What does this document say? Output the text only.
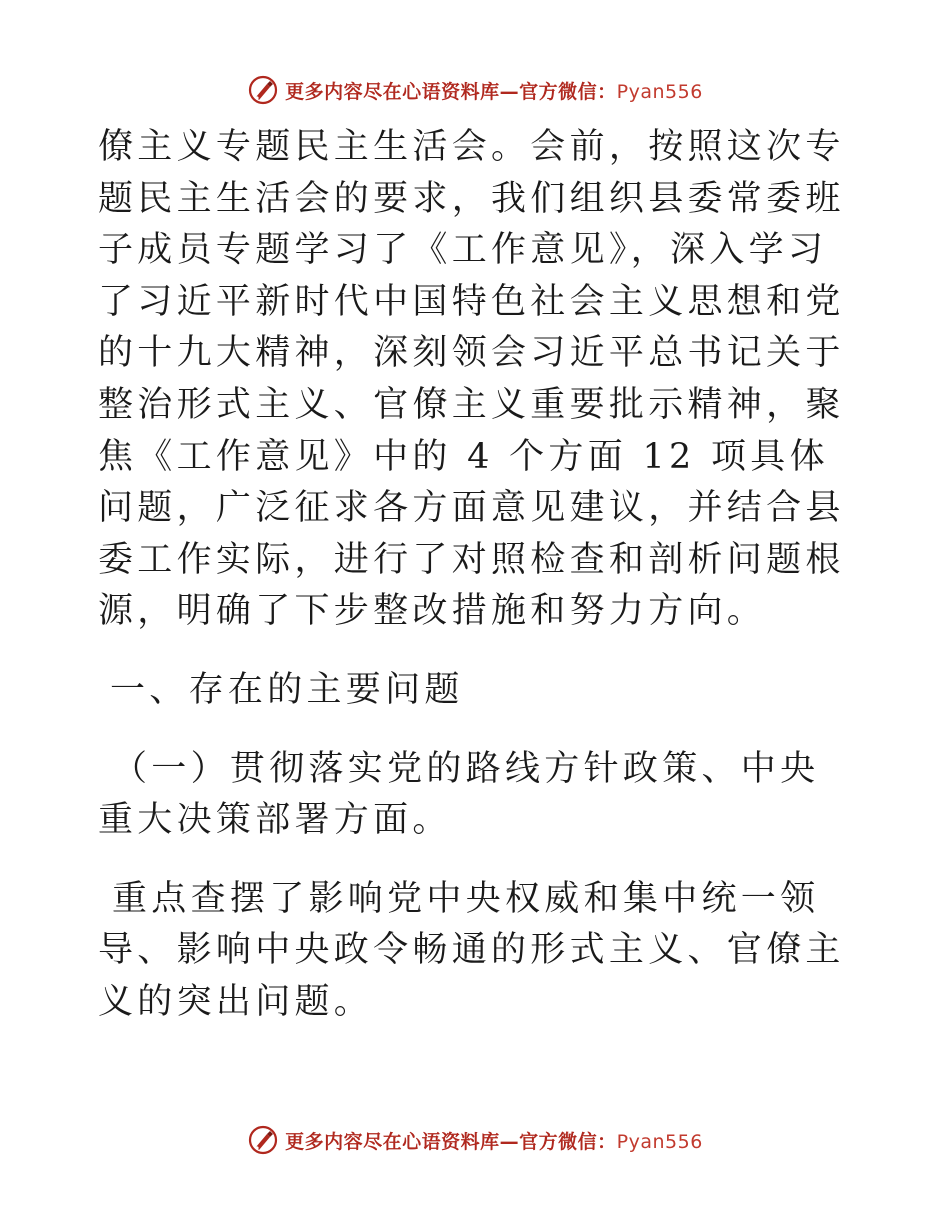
更多内容尽在心语资料库—官方微信：Pyan556

僚主义专题民主生活会。会前，按照这次专题民主生活会的要求，我们组织县委常委班子成员专题学习了《工作意见》，深入学习了习近平新时代中国特色社会主义思想和党的十九大精神，深刻领会习近平总书记关于整治形式主义、官僚主义重要批示精神，聚焦《工作意见》中的 4 个方面 12 项具体问题，广泛征求各方面意见建议，并结合县委工作实际，进行了对照检查和剖析问题根源，明确了下步整改措施和努力方向。

一、存在的主要问题

（一）贯彻落实党的路线方针政策、中央重大决策部署方面。

重点查摆了影响党中央权威和集中统一领导、影响中央政令畅通的形式主义、官僚主义的突出问题。

更多内容尽在心语资料库—官方微信：Pyan556
